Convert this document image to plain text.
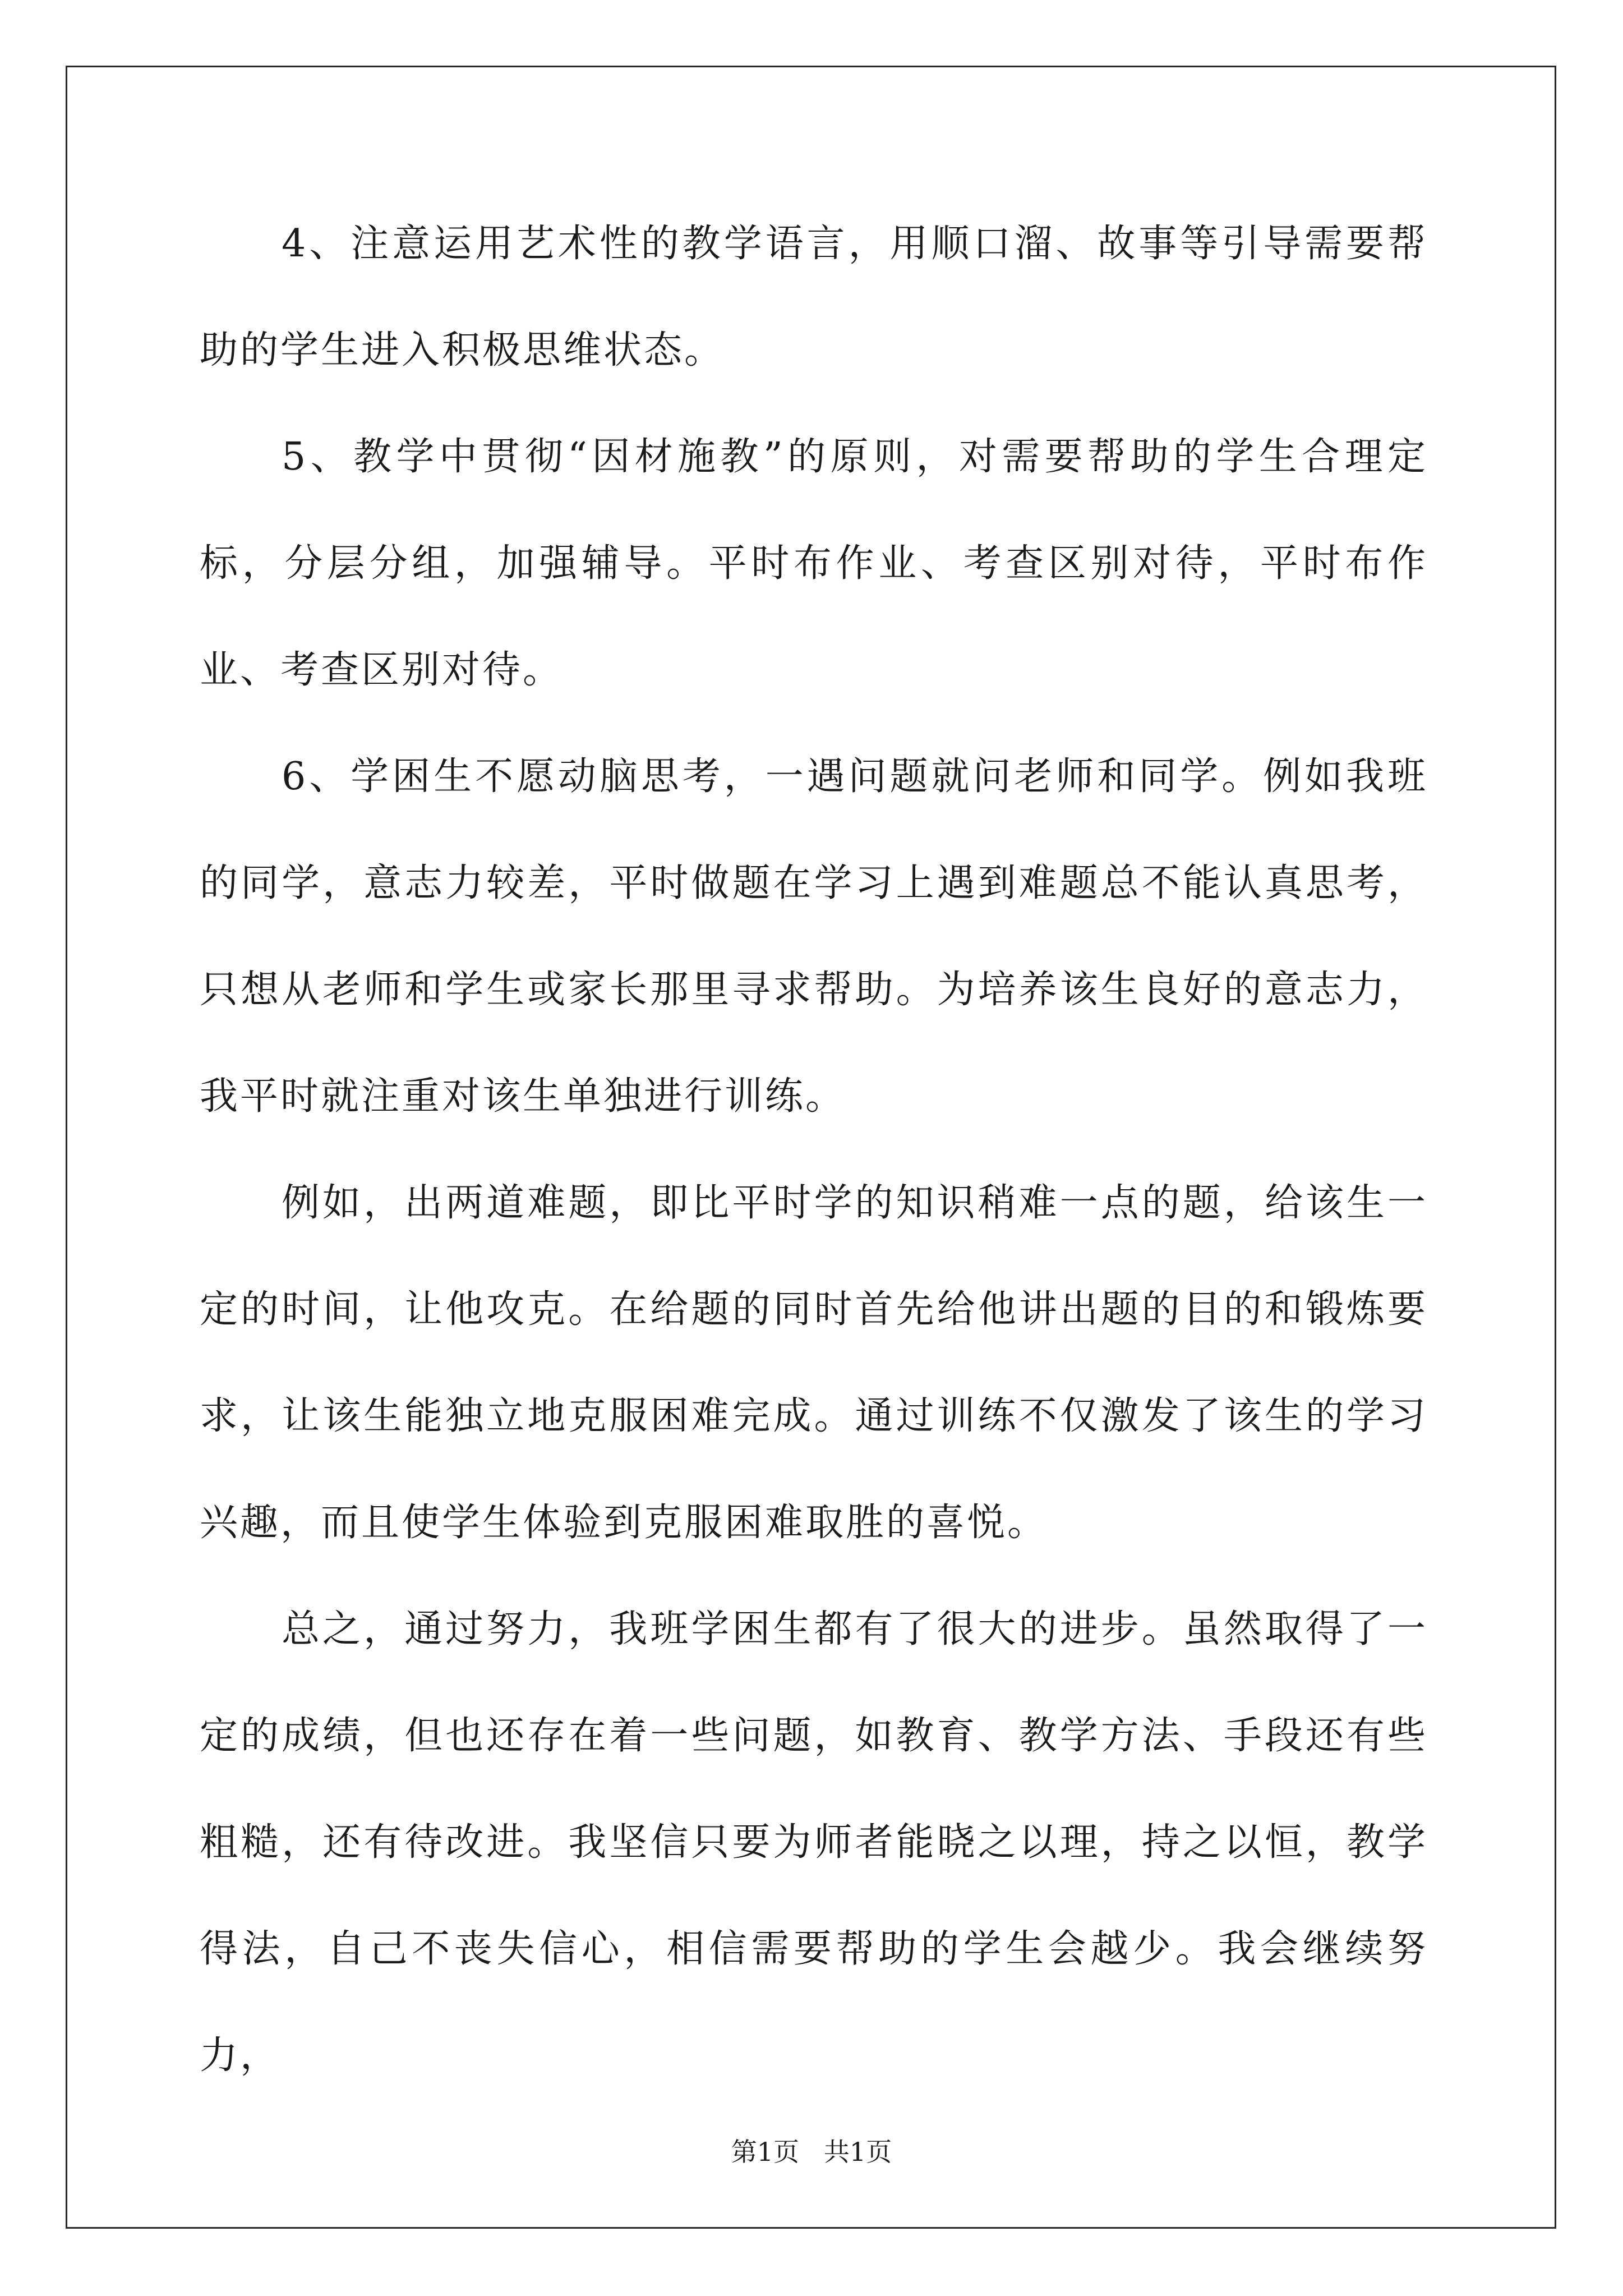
4、注意运用艺术性的教学语言，用顺口溜、故事等引导需要帮助的学生进入积极思维状态。

5、教学中贯彻“因材施教”的原则，对需要帮助的学生合理定标，分层分组，加强辅导。平时布作业、考查区别对待，平时布作业、考查区别对待。

6、学困生不愿动脑思考，一遇问题就问老师和同学。例如我班的同学，意志力较差，平时做题在学习上遇到难题总不能认真思考，只想从老师和学生或家长那里寻求帮助。为培养该生良好的意志力，我平时就注重对该生单独进行训练。

例如，出两道难题，即比平时学的知识稍难一点的题，给该生一定的时间，让他攻克。在给题的同时首先给他讲出题的目的和锻炼要求，让该生能独立地克服困难完成。通过训练不仅激发了该生的学习兴趣，而且使学生体验到克服困难取胜的喜悦。

总之，通过努力，我班学困生都有了很大的进步。虽然取得了一定的成绩，但也还存在着一些问题，如教育、教学方法、手段还有些粗糙，还有待改进。我坚信只要为师者能晓之以理，持之以恒，教学得法，自己不丧失信心，相信需要帮助的学生会越少。我会继续努力，

第1页   共1页
